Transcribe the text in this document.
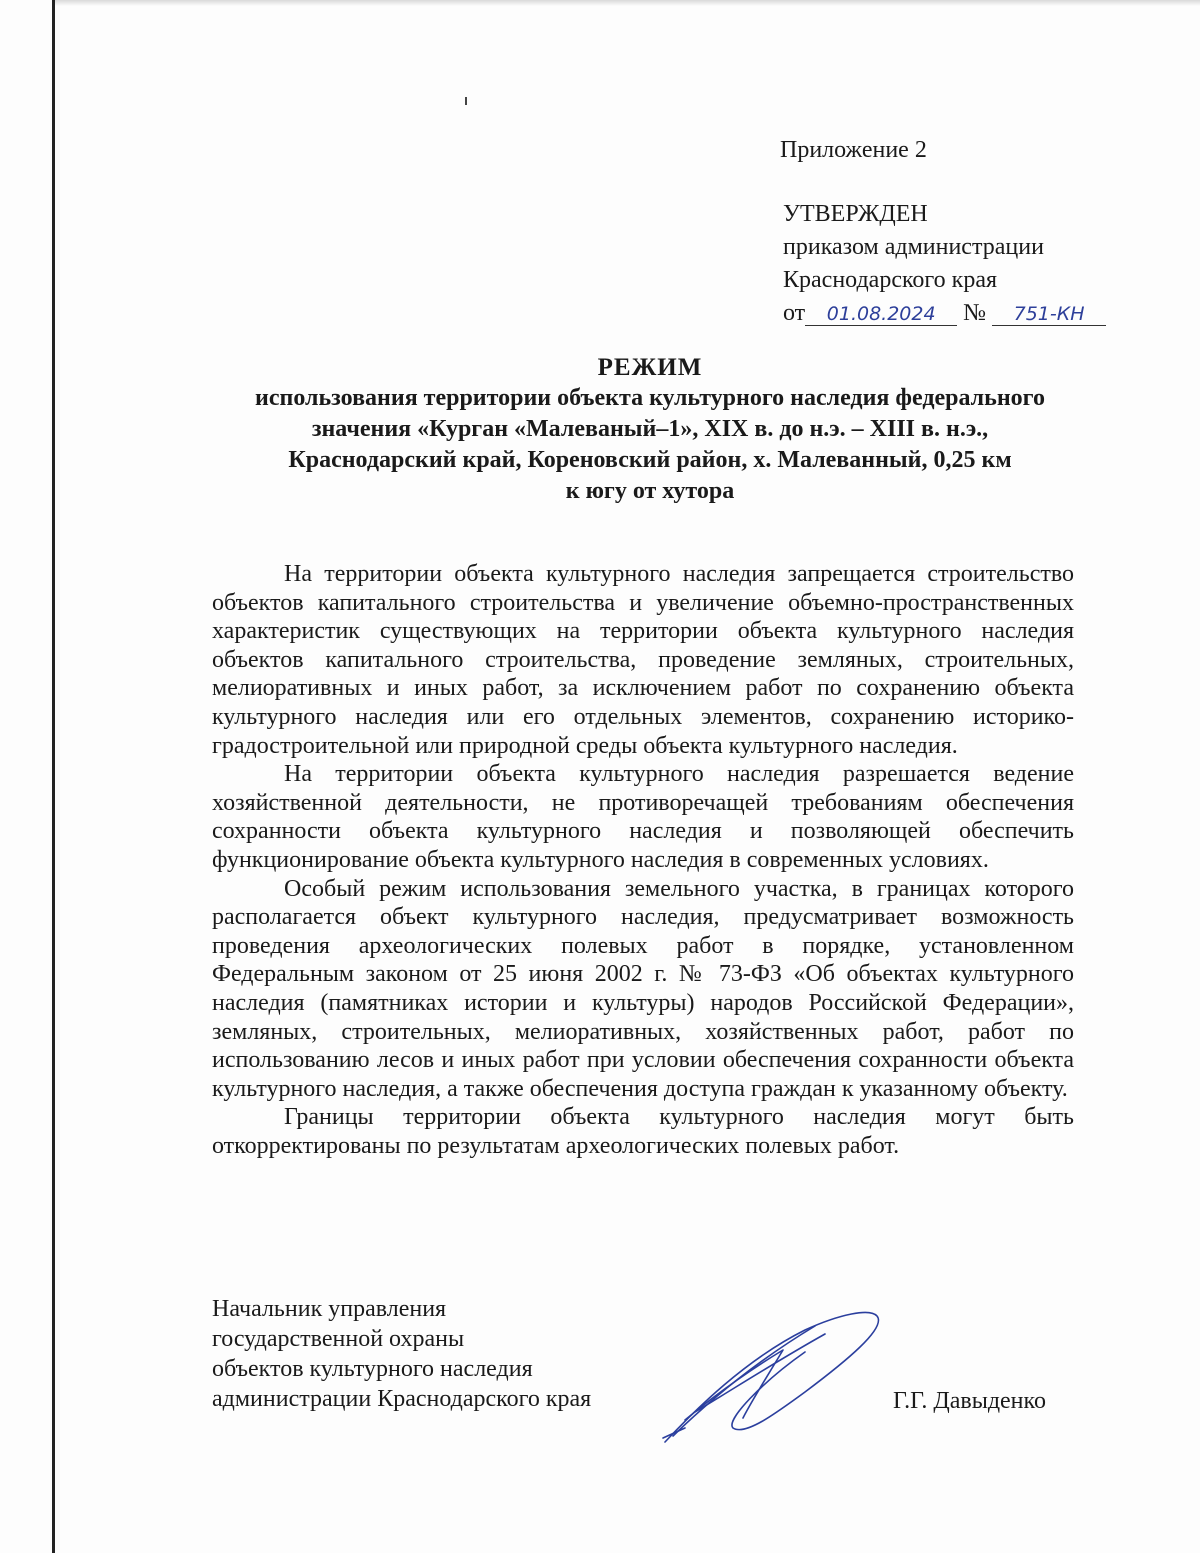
Приложение 2
УТВЕРЖДЕН
приказом администрации
Краснодарского края
от 01.08.2024 № 751-КН
РЕЖИМ
использования территории объекта культурного наследия федерального
значения «Курган «Малеваный–1», XIX в. до н.э. – XIII в. н.э.,
Краснодарский край, Кореновский район, х. Малеванный, 0,25 км
к югу от хутора

На территории объекта культурного наследия запрещается строительство объектов капитального строительства и увеличение объемно-пространственных характеристик существующих на территории объекта культурного наследия объектов капитального строительства, проведение земляных, строительных, мелиоративных и иных работ, за исключением работ по сохранению объекта культурного наследия или его отдельных элементов, сохранению историко-градостроительной или природной среды объекта культурного наследия.

На территории объекта культурного наследия разрешается ведение хозяйственной деятельности, не противоречащей требованиям обеспечения сохранности объекта культурного наследия и позволяющей обеспечить функционирование объекта культурного наследия в современных условиях.

Особый режим использования земельного участка, в границах которого располагается объект культурного наследия, предусматривает возможность проведения археологических полевых работ в порядке, установленном Федеральным законом от 25 июня 2002 г. № 73-ФЗ «Об объектах культурного наследия (памятниках истории и культуры) народов Российской Федерации», земляных, строительных, мелиоративных, хозяйственных работ, работ по использованию лесов и иных работ при условии обеспечения сохранности объекта культурного наследия, а также обеспечения доступа граждан к указанному объекту.

Границы территории объекта культурного наследия могут быть откорректированы по результатам археологических полевых работ.

Начальник управления
государственной охраны
объектов культурного наследия
администрации Краснодарского края	Г.Г. Давыденко
